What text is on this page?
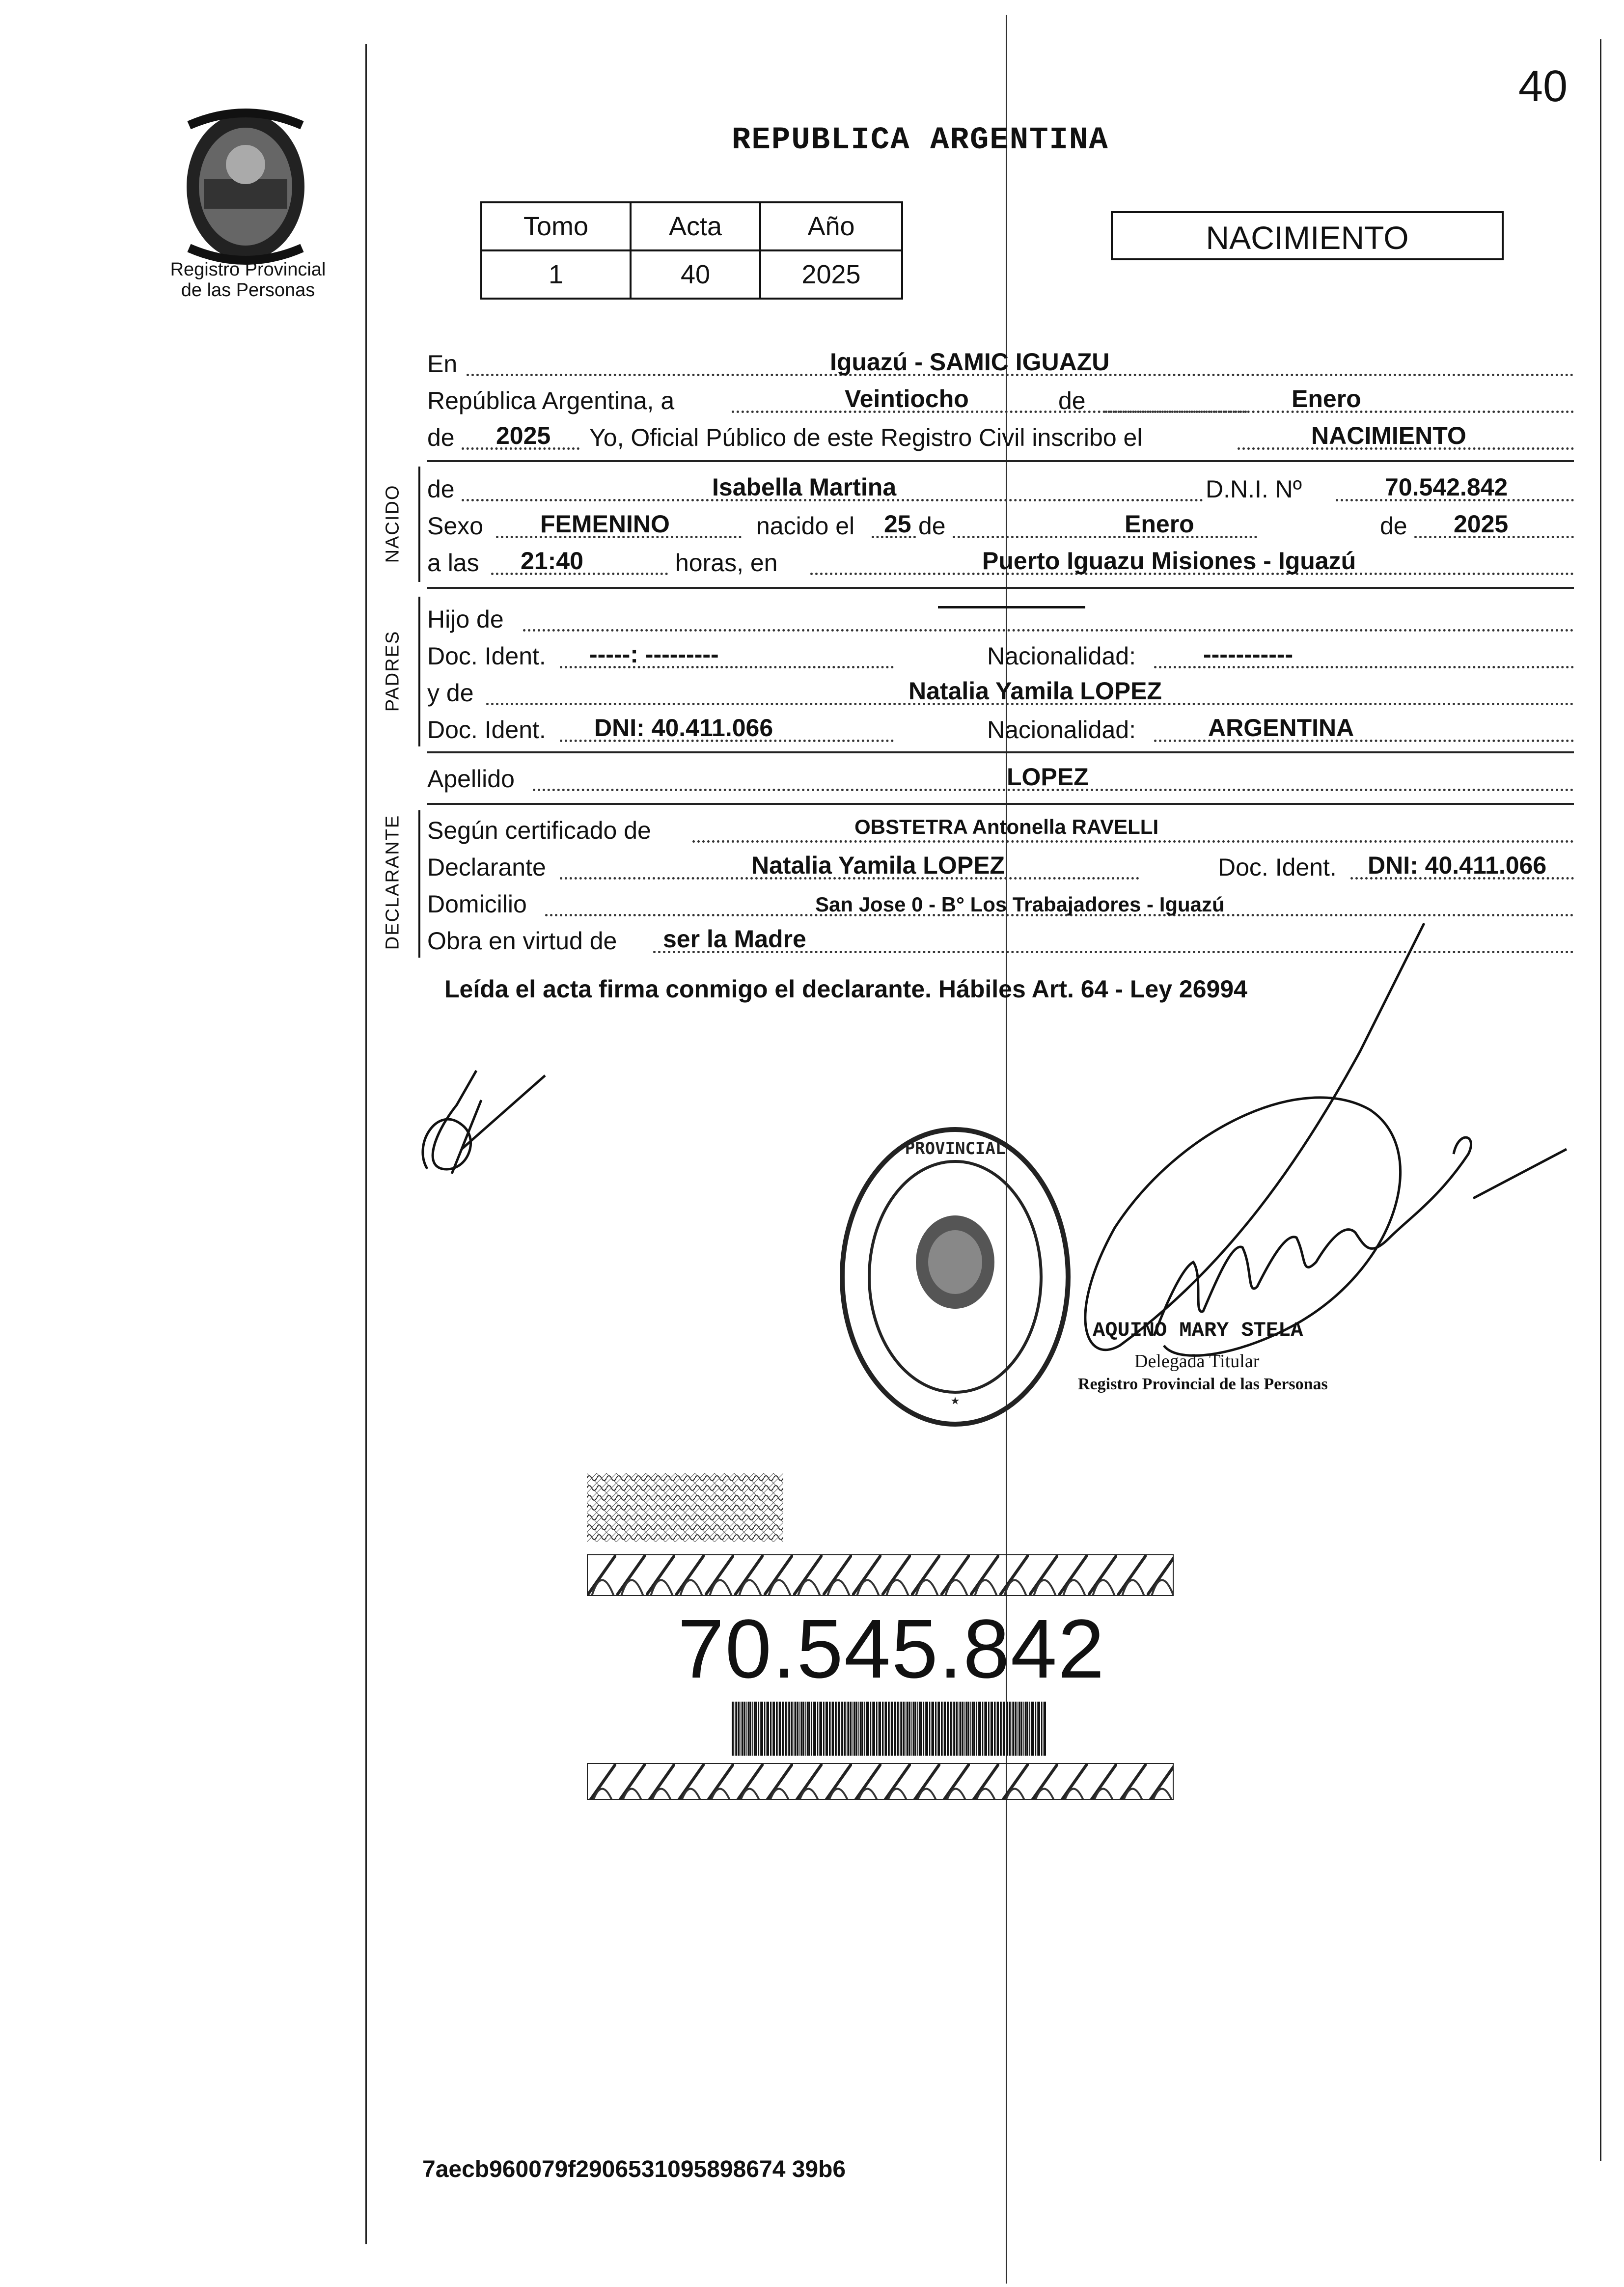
Registro Provincial
de las Personas
40
REPUBLICA ARGENTINA
Tomo	Acta	Año
1	40	2025
NACIMIENTO
En	Iguazú - SAMIC IGUAZU
República Argentina, a	Veintiocho	de	Enero
de 2025 Yo, Oficial Público de este Registro Civil inscribo el	NACIMIENTO
NACIDO de	Isabella Martina	D.N.I. Nº	70.542.842
Sexo FEMENINO	nacido el 25 de	Enero	de 2025
a las 21:40	horas, en	Puerto Iguazu Misiones - Iguazú
PADRES
Hijo de	——————
Doc. Ident. -----: ---------	Nacionalidad:	-----------
y de	Natalia Yamila LOPEZ
Doc. Ident. DNI: 40.411.066	Nacionalidad:	ARGENTINA
Apellido	LOPEZ
DECLARANTE Según certificado de	OBSTETRA Antonella RAVELLI
Declarante	Natalia Yamila LOPEZ	Doc. Ident. DNI: 40.411.066
Domicilio	San Jose 0 - B° Los Trabajadores - Iguazú
Obra en virtud de ser la Madre
Leída el acta firma conmigo el declarante. Hábiles Art. 64 - Ley 26994
PROVINCIAL
★
AQUINO MARY STELA
Delegada Titular
Registro Provincial de las Personas
70.545.842
7aecb960079f2906531095898674 39b6
